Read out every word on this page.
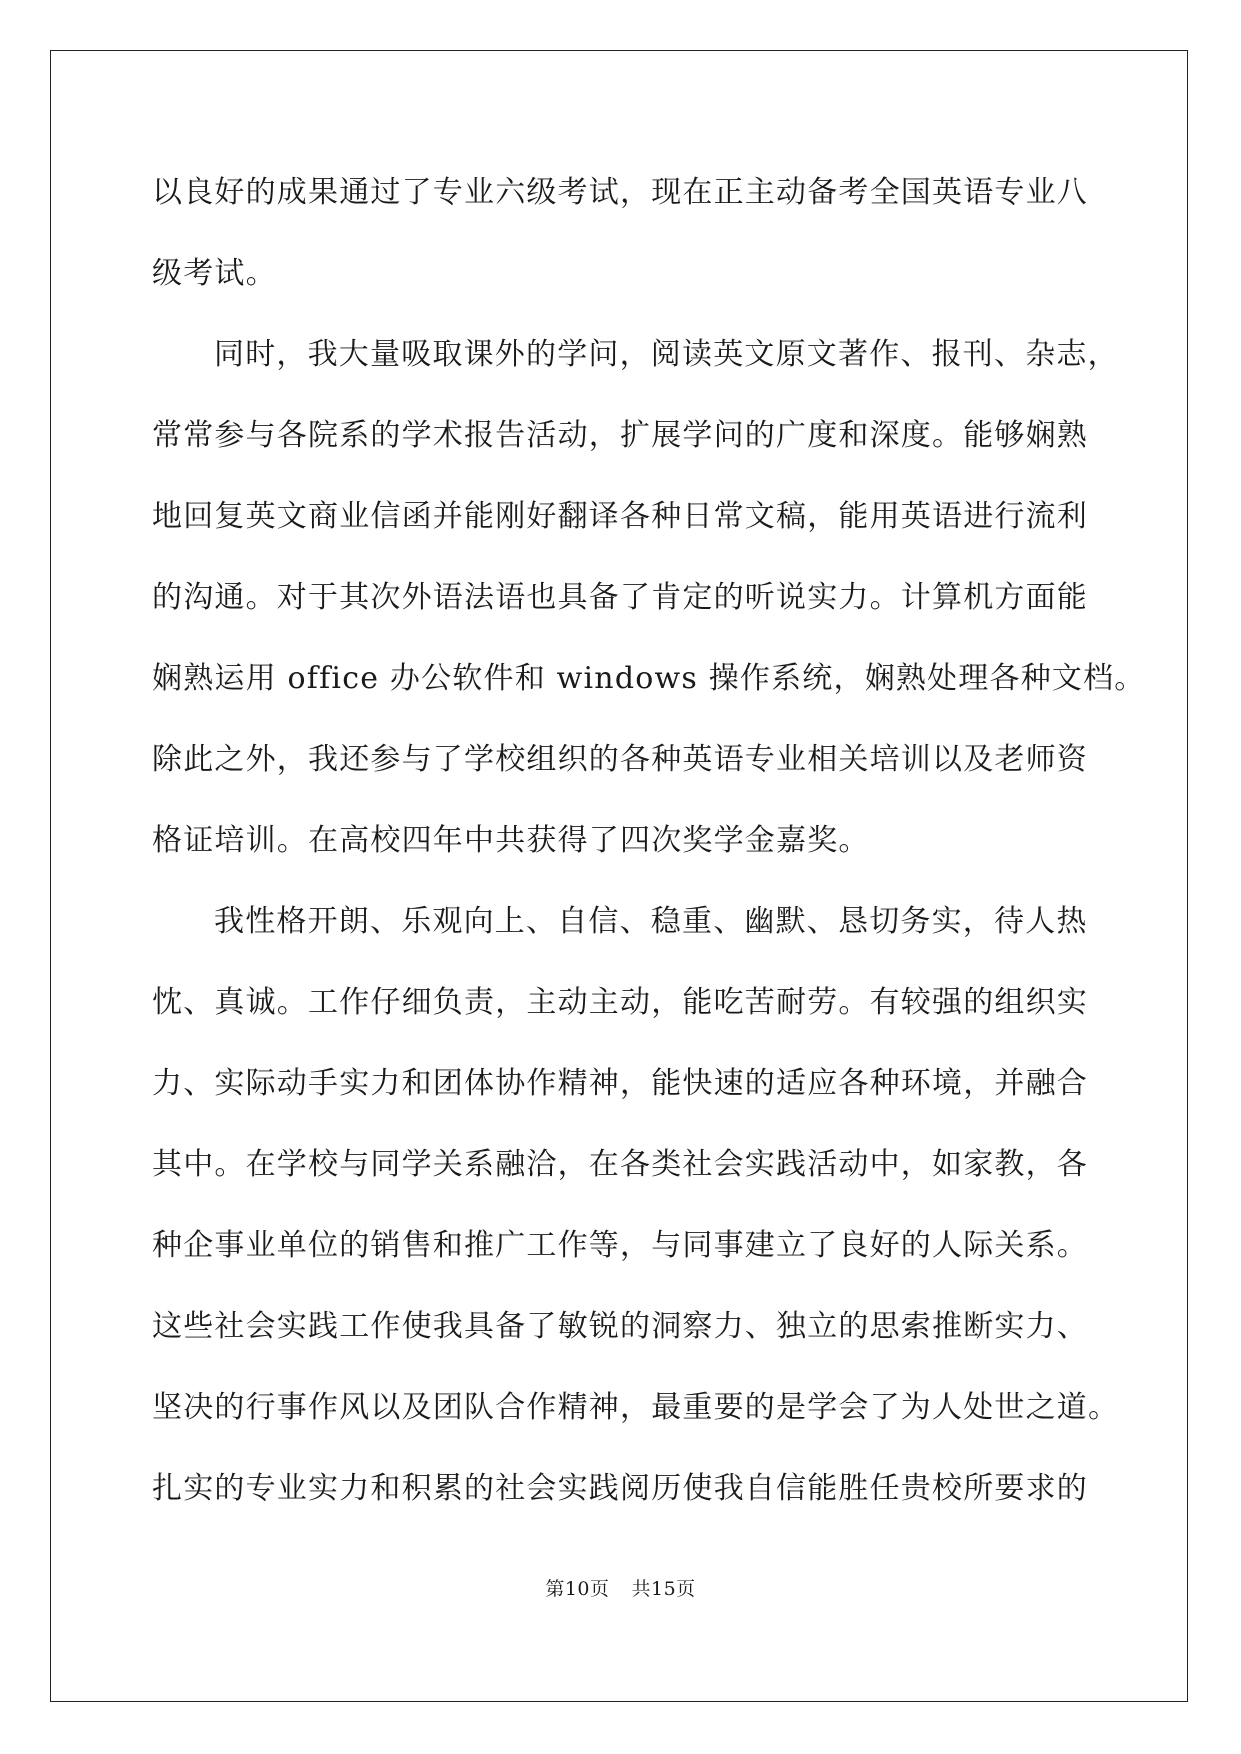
以良好的成果通过了专业六级考试，现在正主动备考全国英语专业八
级考试。
同时，我大量吸取课外的学问，阅读英文原文著作、报刊、杂志，
常常参与各院系的学术报告活动，扩展学问的广度和深度。能够娴熟
地回复英文商业信函并能刚好翻译各种日常文稿，能用英语进行流利
的沟通。对于其次外语法语也具备了肯定的听说实力。计算机方面能
娴熟运用 office 办公软件和 windows 操作系统，娴熟处理各种文档。
除此之外，我还参与了学校组织的各种英语专业相关培训以及老师资
格证培训。在高校四年中共获得了四次奖学金嘉奖。
我性格开朗、乐观向上、自信、稳重、幽默、恳切务实，待人热
忱、真诚。工作仔细负责，主动主动，能吃苦耐劳。有较强的组织实
力、实际动手实力和团体协作精神，能快速的适应各种环境，并融合
其中。在学校与同学关系融洽，在各类社会实践活动中，如家教，各
种企事业单位的销售和推广工作等，与同事建立了良好的人际关系。
这些社会实践工作使我具备了敏锐的洞察力、独立的思索推断实力、
坚决的行事作风以及团队合作精神，最重要的是学会了为人处世之道。
扎实的专业实力和积累的社会实践阅历使我自信能胜任贵校所要求的
第10页 共15页
